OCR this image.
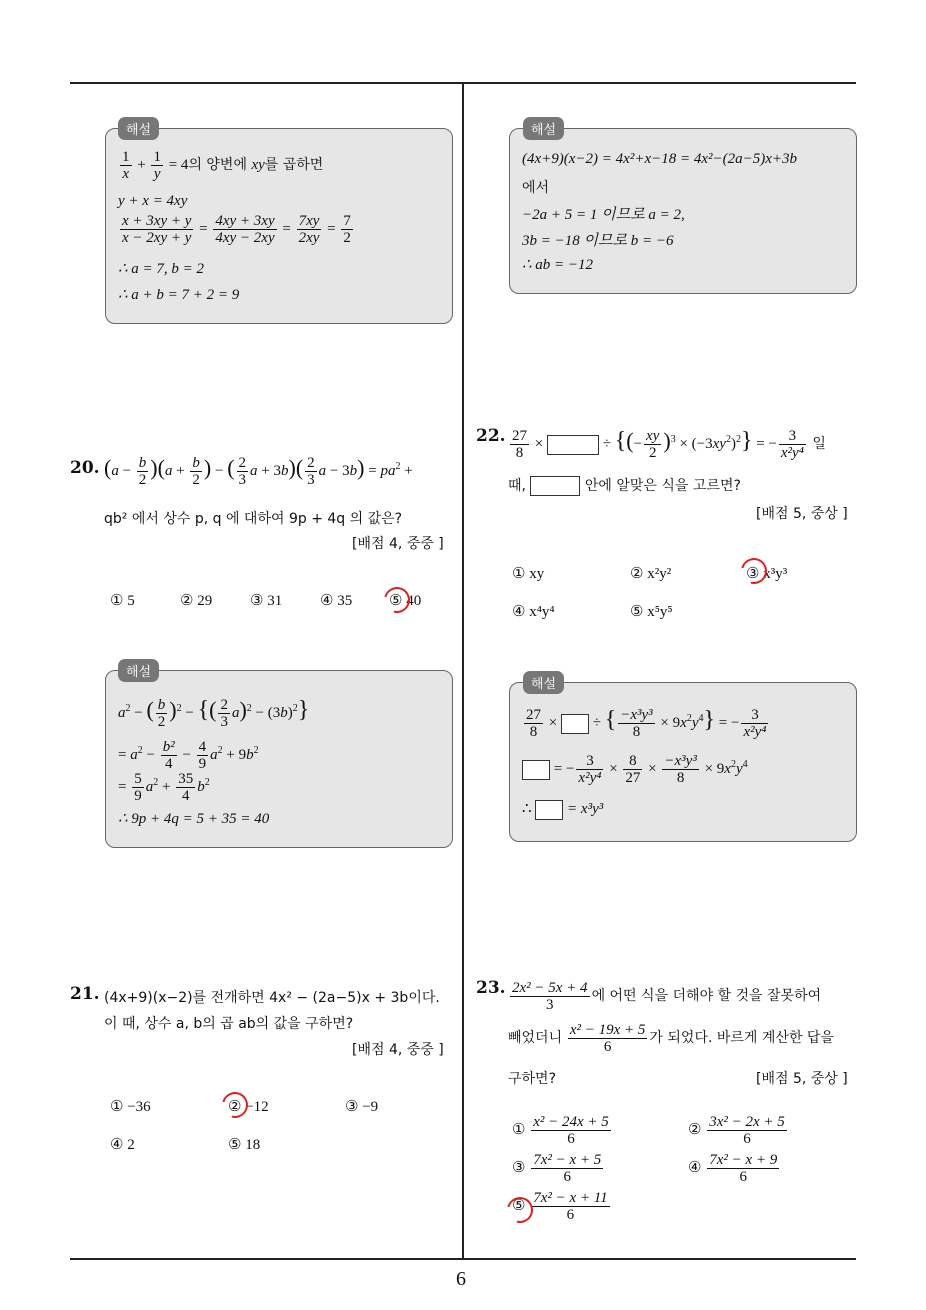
6
$\frac{1}{x} + \frac{1}{y} = 4$의 양변에 xy를 곱하면
y + x = 4xy
$\frac{x + 3xy + y}{x - 2xy + y} = \frac{4xy + 3xy}{4xy - 2xy} = \frac{7xy}{2xy} = \frac{7}{2}$
∴ a = 7, b = 2
∴ a + b = 7 + 2 = 9
해설
(4x+9)(x−2) = 4x²+x−18 = 4x²−(2a−5)x+3b
에서
−2a + 5 = 1 이므로 a = 2,
3b = −18 이므로 b = −6
∴ ab = −12
해설
20. $(a - \frac{b}{2} )(a + \frac{b}{2}$ ) − ( $\frac{2}{3}$ $a + 3b)( \frac{2}{3}$ $a - 3b) = pa^2$ +
qb² 에서 상수 p, q 에 대하여 9p + 4q 의 값은?
[배점 4, 중중 ]
① 5	② 29	③ 31	④ 35 ⑤ 40
$a^2$ − ( $\frac{b}{2} )^2$ − {( $\frac{2}{3} a)^2 - (3b)^2$}
= $a^2 - \frac{\text{b²}}{4} - \frac{4}{9} a^2 + 9b^2$
= $\frac{5}{9} a^2 + \frac{35}{4} b^2$
∴ 9p + 4q = 5 + 35 = 40
해설
21. (4x+9)(x−2)를 전개하면 4x² − (2a−5)x + 3b이다.
이 때, 상수 a, b의 곱 ab의 값을 구하면?
[배점 4, 중중 ]
① −36	② −12	③ −9
④ 2	⑤ 18
22. $\frac{27}{8}$ ×	÷ {(− $\frac{xy}{2} )^3 \times (-3xy^2)^2$} = − $\frac{3}{\text{x²y⁴}}$ 일
때,	안에 알맞은 식을 고르면?
[배점 5, 중상 ]
① xy	② x²y²	③ x³y³
④ x⁴y⁴	⑤ x⁵y⁵
$\frac{27}{8}$ ×  ÷ { $\frac{\text{−x³y³}}{8} \times 9x^2y^4$} = − $\frac{3}{\text{x²y⁴}}$
= − $\frac{3}{\text{x²y⁴}} \times \frac{8}{27} \times \frac{\text{−x³y³}}{8} \times 9x^2y^4$
∴  = x³y³
해설
23. $\frac{\text{2x² − 5x + 4}}{3}$ 에 어떤 식을 더해야 할 것을 잘못하여
빼었더니 $\frac{\text{x² − 19x + 5}}{6}$ 가 되었다. 바르게 계산한 답을
구하면?	[배점 5, 중상 ]
① $\frac{\text{x² − 24x + 5}}{6}$	② $\frac{\text{3x² − 2x + 5}}{6}$
③ $\frac{\text{7x² − x + 5}}{6}$	④ $\frac{\text{7x² − x + 9}}{6}$
⑤ $\frac{\text{7x² − x + 11}}{6}$
